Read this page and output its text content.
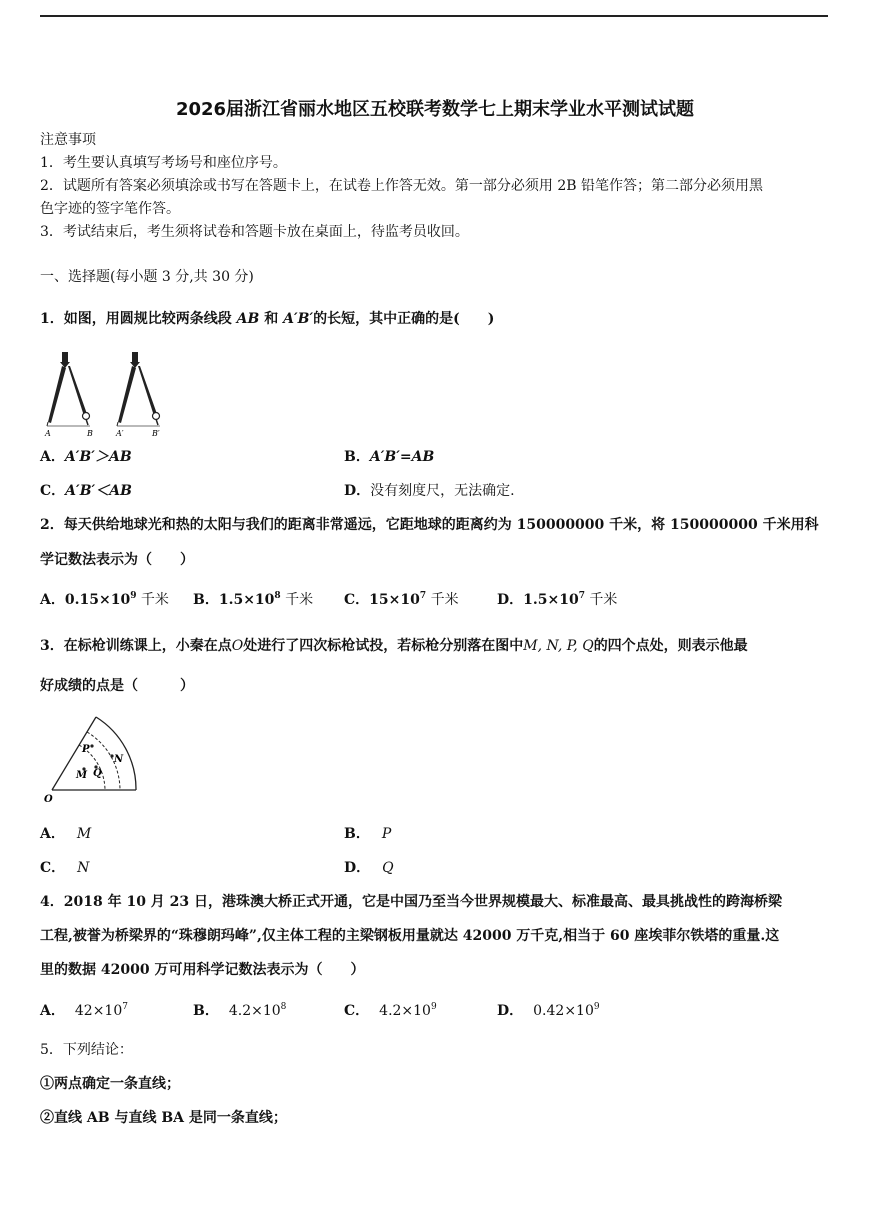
2026届浙江省丽水地区五校联考数学七上期末学业水平测试试题
注意事项
1．考生要认真填写考场号和座位序号。
2．试题所有答案必须填涂或书写在答题卡上，在试卷上作答无效。第一部分必须用 2B 铅笔作答；第二部分必须用黑
色字迹的签字笔作答。
3．考试结束后，考生须将试卷和答题卡放在桌面上，待监考员收回。
一、选择题(每小题 3 分,共 30 分)
1．如图，用圆规比较两条线段 AB 和 A′B′的长短，其中正确的是(　　)
A	B	A′	B′
A．A′B′＞AB	B．A′B′=AB
C．A′B′＜AB	D．没有刻度尺，无法确定.
2．每天供给地球光和热的太阳与我们的距离非常遥远，它距地球的距离约为 150000000 千米，将 150000000 千米用科
学记数法表示为（　　）
A．$0.15\times 10^9$ 千米 B．$1.5\times 10^8$ 千米 C．$15\times 10^7$ 千米	D．$1.5\times 10^7$ 千米
3．在标枪训练课上，小秦在点O处进行了四次标枪试投，若标枪分别落在图中M, N, P, Q的四个点处，则表示他最
好成绩的点是（　　　）
P
N
M Q
O
A． M	B． P
C． N	D． Q
4．2018 年 10 月 23 日，港珠澳大桥正式开通，它是中国乃至当今世界规模最大、标准最高、最具挑战性的跨海桥梁
工程,被誉为桥梁界的“珠穆朗玛峰”,仅主体工程的主梁钢板用量就达 42000 万千克,相当于 60 座埃菲尔铁塔的重量.这
里的数据 42000 万可用科学记数法表示为（　　）
A． $42\times 10^7$	B． $4.2\times 10^8$	C． $4.2\times 10^9$	D． $0.42\times 10^9$
5．下列结论：
①两点确定一条直线；
②直线 AB 与直线 BA 是同一条直线；
